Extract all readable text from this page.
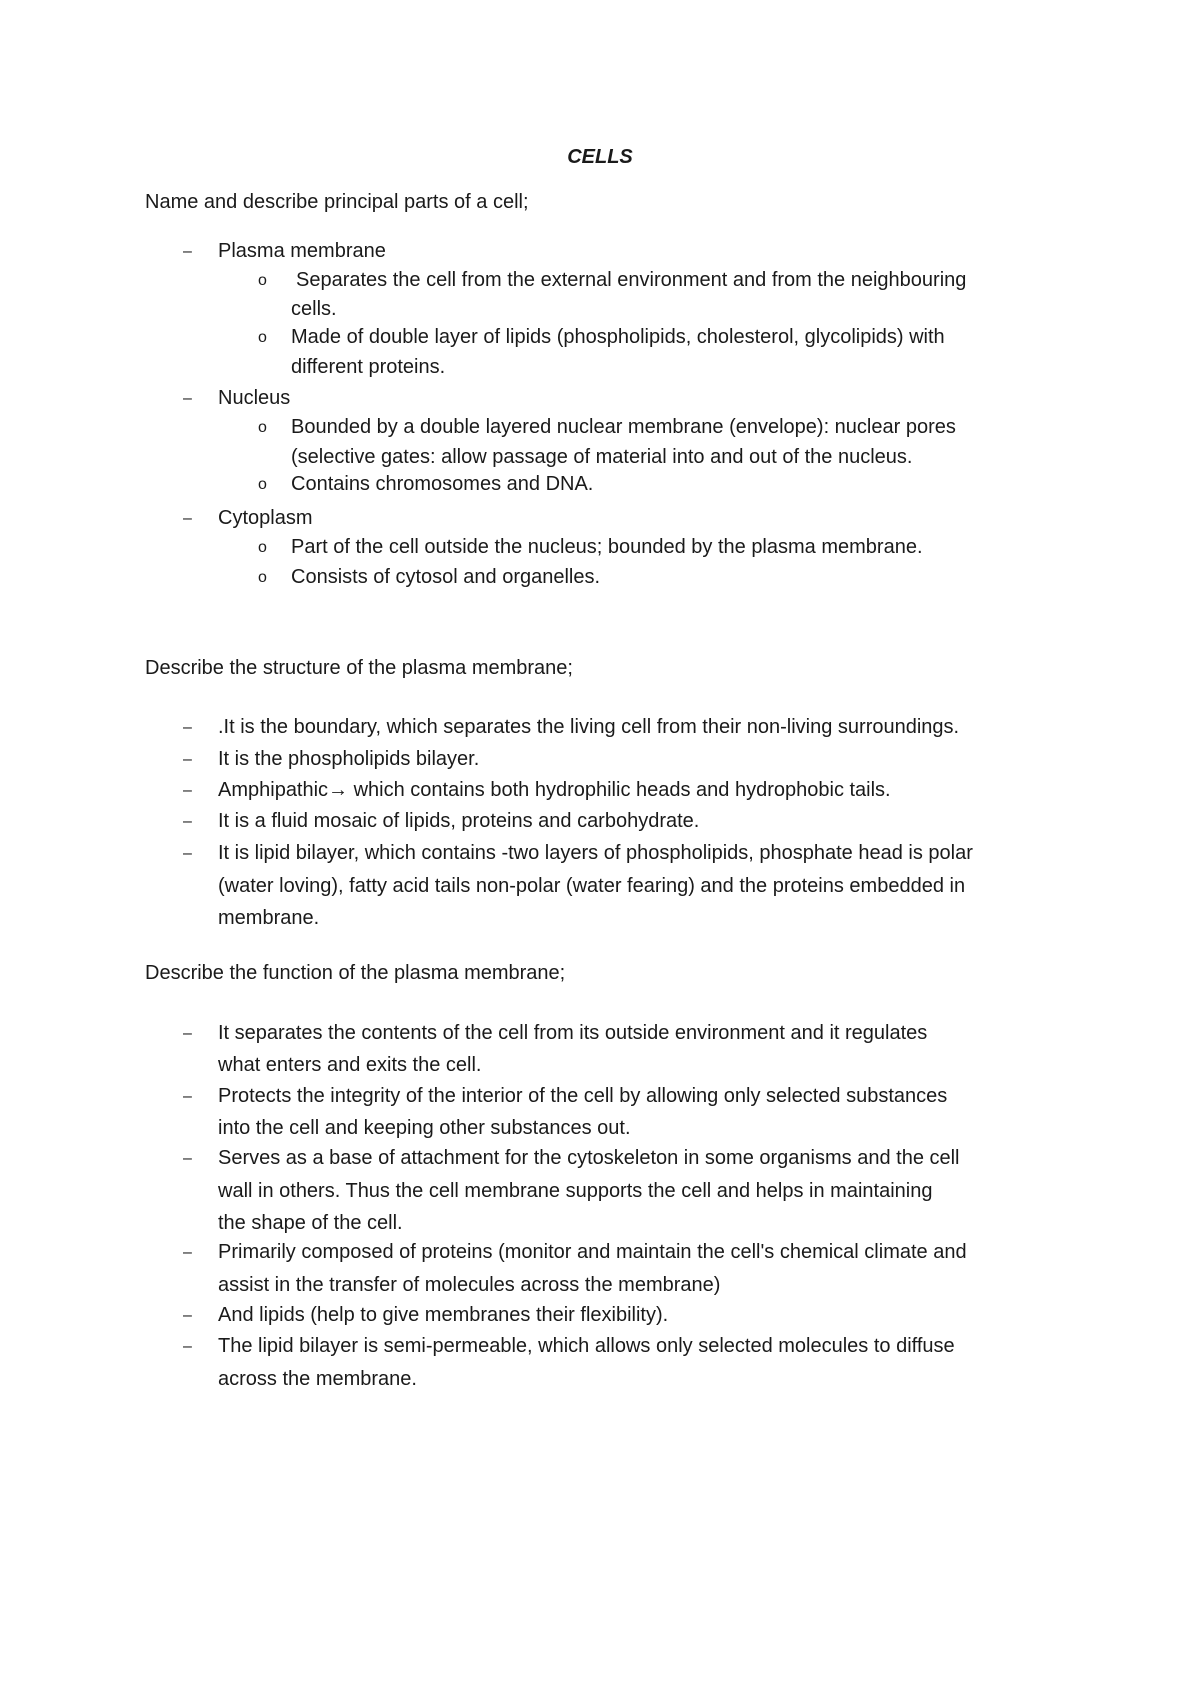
CELLS
Name and describe principal parts of a cell;
– Plasma membrane
o Separates the cell from the external environment and from the neighbouring
cells.
o Made of double layer of lipids (phospholipids, cholesterol, glycolipids) with
different proteins.
– Nucleus
o Bounded by a double layered nuclear membrane (envelope): nuclear pores
(selective gates: allow passage of material into and out of the nucleus.
o Contains chromosomes and DNA.
– Cytoplasm
o Part of the cell outside the nucleus; bounded by the plasma membrane.
o Consists of cytosol and organelles.
Describe the structure of the plasma membrane;
– .It is the boundary, which separates the living cell from their non-living surroundings.
– It is the phospholipids bilayer.
– Amphipathic→ which contains both hydrophilic heads and hydrophobic tails.
– It is a fluid mosaic of lipids, proteins and carbohydrate.
– It is lipid bilayer, which contains -two layers of phospholipids, phosphate head is polar
(water loving), fatty acid tails non-polar (water fearing) and the proteins embedded in
membrane.
Describe the function of the plasma membrane;
– It separates the contents of the cell from its outside environment and it regulates
what enters and exits the cell.
– Protects the integrity of the interior of the cell by allowing only selected substances
into the cell and keeping other substances out.
– Serves as a base of attachment for the cytoskeleton in some organisms and the cell
wall in others. Thus the cell membrane supports the cell and helps in maintaining
the shape of the cell.
– Primarily composed of proteins (monitor and maintain the cell's chemical climate and
assist in the transfer of molecules across the membrane)
– And lipids (help to give membranes their flexibility).
– The lipid bilayer is semi-permeable, which allows only selected molecules to diffuse
across the membrane.
